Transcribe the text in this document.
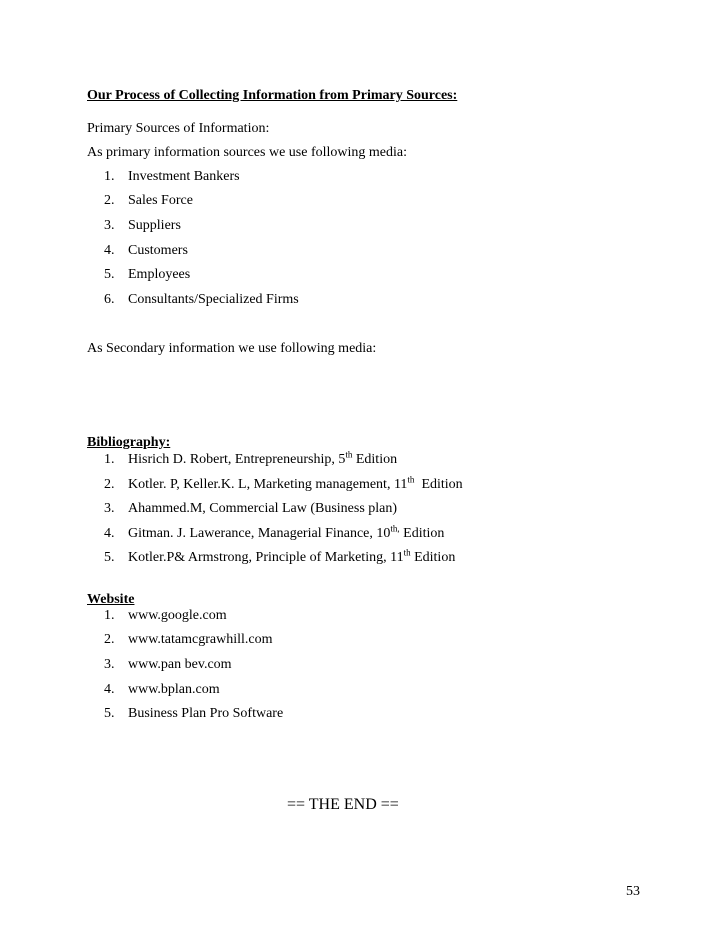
Our Process of Collecting Information from Primary Sources:
Primary Sources of Information:
As primary information sources we use following media:
1. Investment Bankers
2. Sales Force
3. Suppliers
4. Customers
5. Employees
6. Consultants/Specialized Firms
As Secondary information we use following media:
Bibliography:
1. Hisrich D. Robert, Entrepreneurship, 5th Edition
2. Kotler. P, Keller.K. L, Marketing management, 11th  Edition
3. Ahammed.M, Commercial Law (Business plan)
4. Gitman. J. Lawerance, Managerial Finance, $10^{th,}$ Edition
5. Kotler.P& Armstrong, Principle of Marketing, 11th Edition
Website
1. www.google.com
2. www.tatamcgrawhill.com
3. www.pan bev.com
4. www.bplan.com
5. Business Plan Pro Software
== THE END ==
53
